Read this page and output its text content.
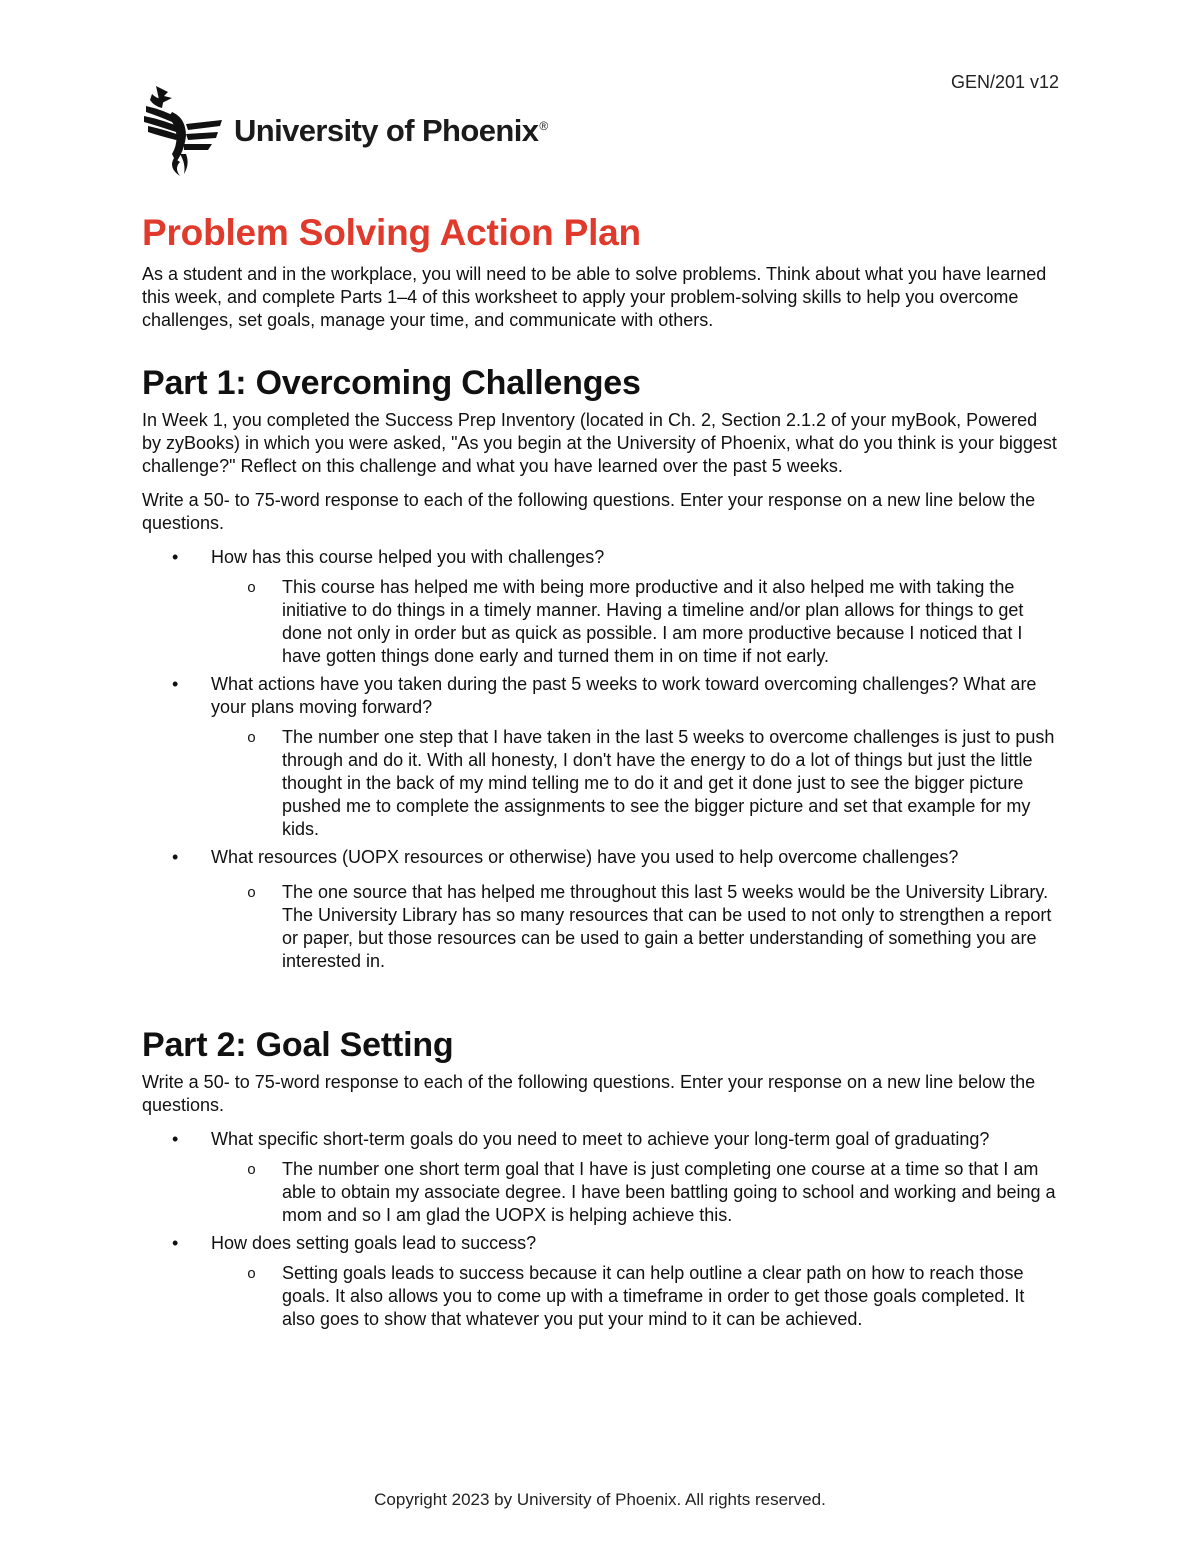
GEN/201 v12
University of Phoenix®
Problem Solving Action Plan

As a student and in the workplace, you will need to be able to solve problems. Think about what you have learned this week, and complete Parts 1–4 of this worksheet to apply your problem-solving skills to help you overcome challenges, set goals, manage your time, and communicate with others.

Part 1: Overcoming Challenges

In Week 1, you completed the Success Prep Inventory (located in Ch. 2, Section 2.1.2 of your myBook, Powered by zyBooks) in which you were asked, "As you begin at the University of Phoenix, what do you think is your biggest challenge?" Reflect on this challenge and what you have learned over the past 5 weeks.

Write a 50- to 75-word response to each of the following questions. Enter your response on a new line below the questions.

• How has this course helped you with challenges?
o This course has helped me with being more productive and it also helped me with taking the initiative to do things in a timely manner. Having a timeline and/or plan allows for things to get done not only in order but as quick as possible. I am more productive because I noticed that I have gotten things done early and turned them in on time if not early.
• What actions have you taken during the past 5 weeks to work toward overcoming challenges? What are your plans moving forward?
o The number one step that I have taken in the last 5 weeks to overcome challenges is just to push through and do it. With all honesty, I don't have the energy to do a lot of things but just the little thought in the back of my mind telling me to do it and get it done just to see the bigger picture pushed me to complete the assignments to see the bigger picture and set that example for my kids.
• What resources (UOPX resources or otherwise) have you used to help overcome challenges?
o The one source that has helped me throughout this last 5 weeks would be the University Library. The University Library has so many resources that can be used to not only to strengthen a report or paper, but those resources can be used to gain a better understanding of something you are interested in.
Part 2: Goal Setting

Write a 50- to 75-word response to each of the following questions. Enter your response on a new line below the questions.

• What specific short-term goals do you need to meet to achieve your long-term goal of graduating?
o The number one short term goal that I have is just completing one course at a time so that I am able to obtain my associate degree. I have been battling going to school and working and being a mom and so I am glad the UOPX is helping achieve this.
• How does setting goals lead to success?
o Setting goals leads to success because it can help outline a clear path on how to reach those goals. It also allows you to come up with a timeframe in order to get those goals completed. It also goes to show that whatever you put your mind to it can be achieved.
Copyright 2023 by University of Phoenix. All rights reserved.
